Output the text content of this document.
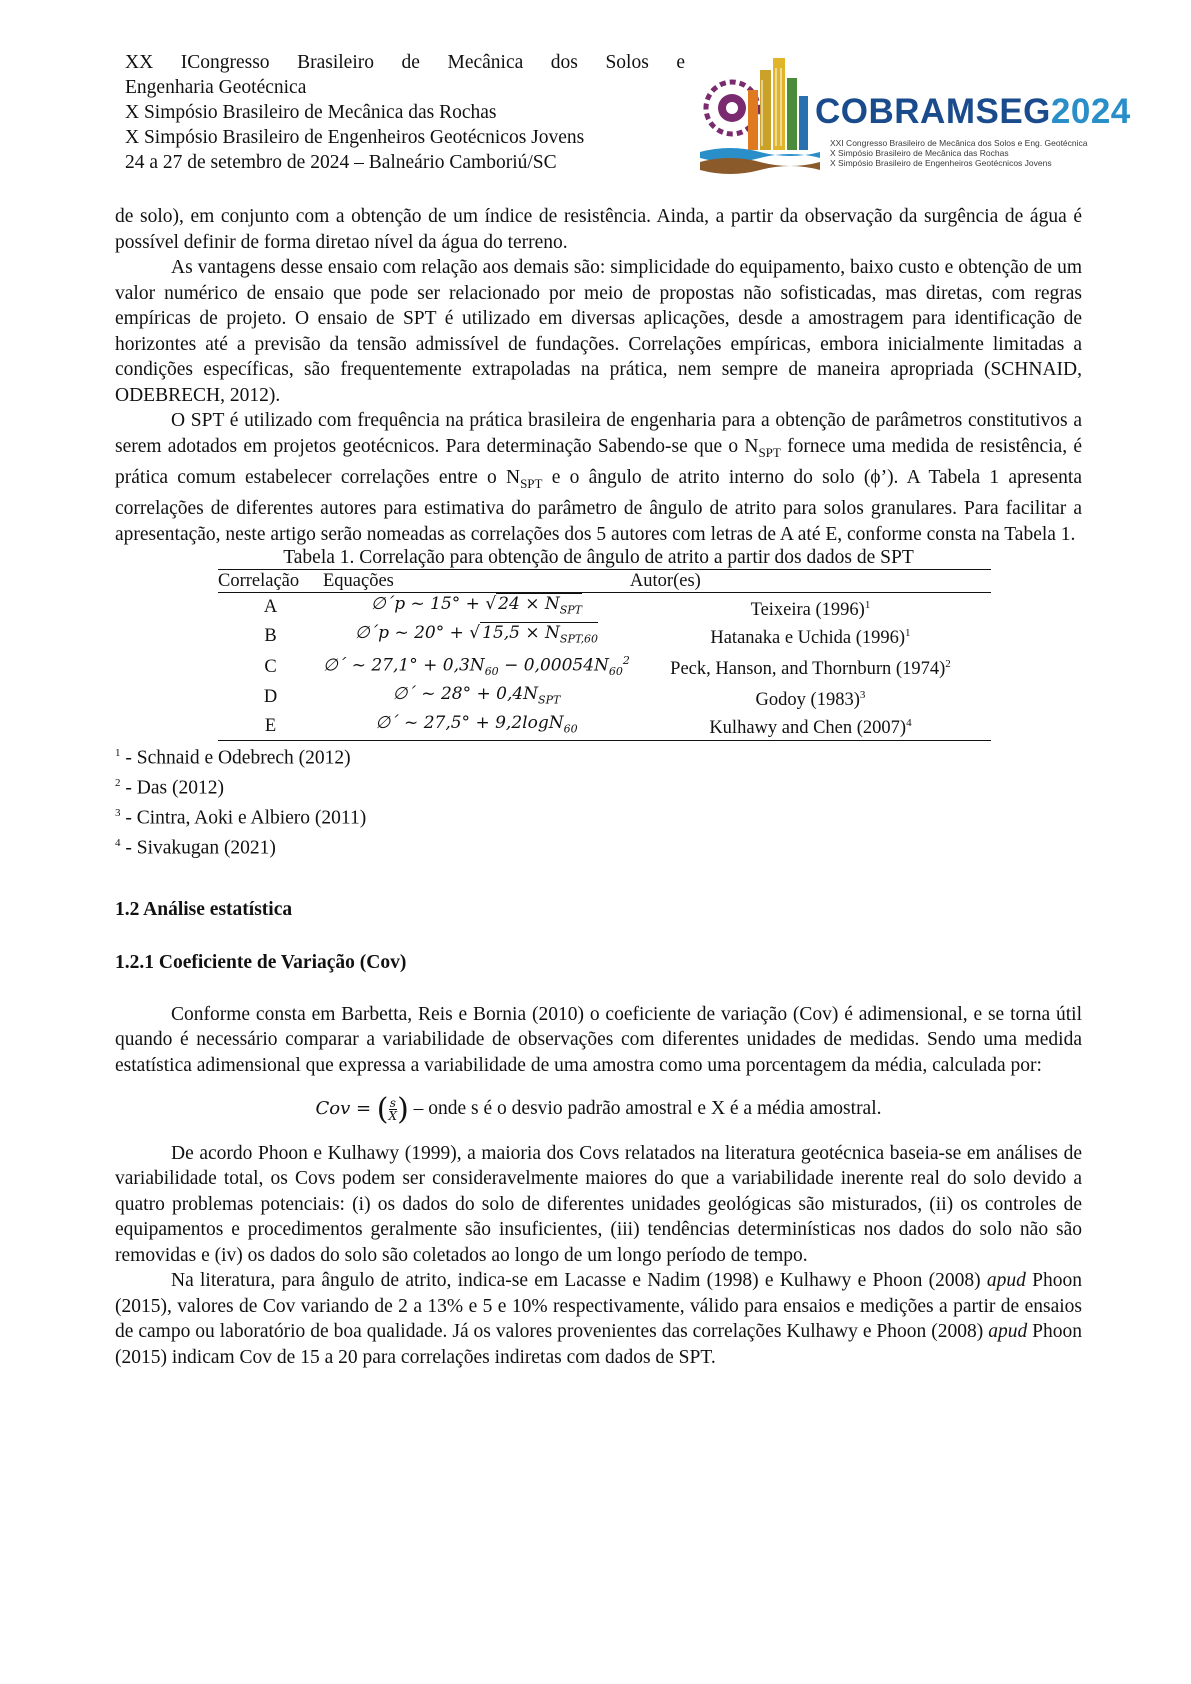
XX ICongresso Brasileiro de Mecânica dos Solos e
Engenharia Geotécnica
X Simpósio Brasileiro de Mecânica das Rochas
X Simpósio Brasileiro de Engenheiros Geotécnicos Jovens
24 a 27 de setembro de 2024 – Balneário Camboriú/SC
COBRAMSEG2024
XXI Congresso Brasileiro de Mecânica dos Solos e Eng. Geotécnica
X Simpósio Brasileiro de Mecânica das Rochas
X Simpósio Brasileiro de Engenheiros Geotécnicos Jovens

de solo), em conjunto com a obtenção de um índice de resistência. Ainda, a partir da observação da surgência de água é possível definir de forma diretao nível da água do terreno.

As vantagens desse ensaio com relação aos demais são: simplicidade do equipamento, baixo custo e obtenção de um valor numérico de ensaio que pode ser relacionado por meio de propostas não sofisticadas, mas diretas, com regras empíricas de projeto. O ensaio de SPT é utilizado em diversas aplicações, desde a amostragem para identificação de horizontes até a previsão da tensão admissível de fundações. Correlações empíricas, embora inicialmente limitadas a condições específicas, são frequentemente extrapoladas na prática, nem sempre de maneira apropriada (SCHNAID, ODEBRECH, 2012).

O SPT é utilizado com frequência na prática brasileira de engenharia para a obtenção de parâmetros constitutivos a serem adotados em projetos geotécnicos. Para determinação Sabendo-se que o $N_{SPT}$ fornece uma medida de resistência, é prática comum estabelecer correlações entre o $N_{SPT}$ e o ângulo de atrito interno do solo (ϕ’). A Tabela 1 apresenta correlações de diferentes autores para estimativa do parâmetro de ângulo de atrito para solos granulares. Para facilitar a apresentação, neste artigo serão nomeadas as correlações dos 5 autores com letras de A até E, conforme consta na Tabela 1.

Tabela 1. Correlação para obtenção de ângulo de atrito a partir dos dados de SPT

Correlação	Equações	Autor(es)
A	∅´p ~ 15° + √ $24 \times N_{SPT}$	Teixeira $(1996)^1$
B	∅´p ~ 20° + √ $15,5 \times N_{SPT,60}$	Hatanaka e Uchida $(1996)^1$
C	∅´ ~ $27,1^\circ + 0,3N_{60} - 0,00054N_{60}^2$	Peck, Hanson, and Thornburn $(1974)^2$
D	∅´ ~ $28^\circ + 0,4N_{SPT}$	Godoy $(1983)^3$
E	∅´ ~ 27,5° + 9,2logN$_{60}$	Kulhawy and Chen $(2007)^4$
$^1$ - Schnaid e Odebrech (2012)
$^2$ - Das (2012)
$^3$ - Cintra, Aoki e Albiero (2011)
$^4$ - Sivakugan (2021)

1.2 Análise estatística

1.2.1 Coeficiente de Variação (Cov)

Conforme consta em Barbetta, Reis e Bornia (2010) o coeficiente de variação (Cov) é adimensional, e se torna útil quando é necessário comparar a variabilidade de observações com diferentes unidades de medidas. Sendo uma medida estatística adimensional que expressa a variabilidade de uma amostra como uma porcentagem da média, calculada por:

Cov = ( $\frac{s}{X̄}$ ) – onde s é o desvio padrão amostral e X é a média amostral.

De acordo Phoon e Kulhawy (1999), a maioria dos Covs relatados na literatura geotécnica baseia-se em análises de variabilidade total, os Covs podem ser consideravelmente maiores do que a variabilidade inerente real do solo devido a quatro problemas potenciais: (i) os dados do solo de diferentes unidades geológicas são misturados, (ii) os controles de equipamentos e procedimentos geralmente são insuficientes, (iii) tendências determinísticas nos dados do solo não são removidas e (iv) os dados do solo são coletados ao longo de um longo período de tempo.

Na literatura, para ângulo de atrito, indica-se em Lacasse e Nadim (1998) e Kulhawy e Phoon (2008) apud Phoon (2015), valores de Cov variando de 2 a 13% e 5 e 10% respectivamente, válido para ensaios e medições a partir de ensaios de campo ou laboratório de boa qualidade. Já os valores provenientes das correlações Kulhawy e Phoon (2008) apud Phoon (2015) indicam Cov de 15 a 20 para correlações indiretas com dados de SPT.
